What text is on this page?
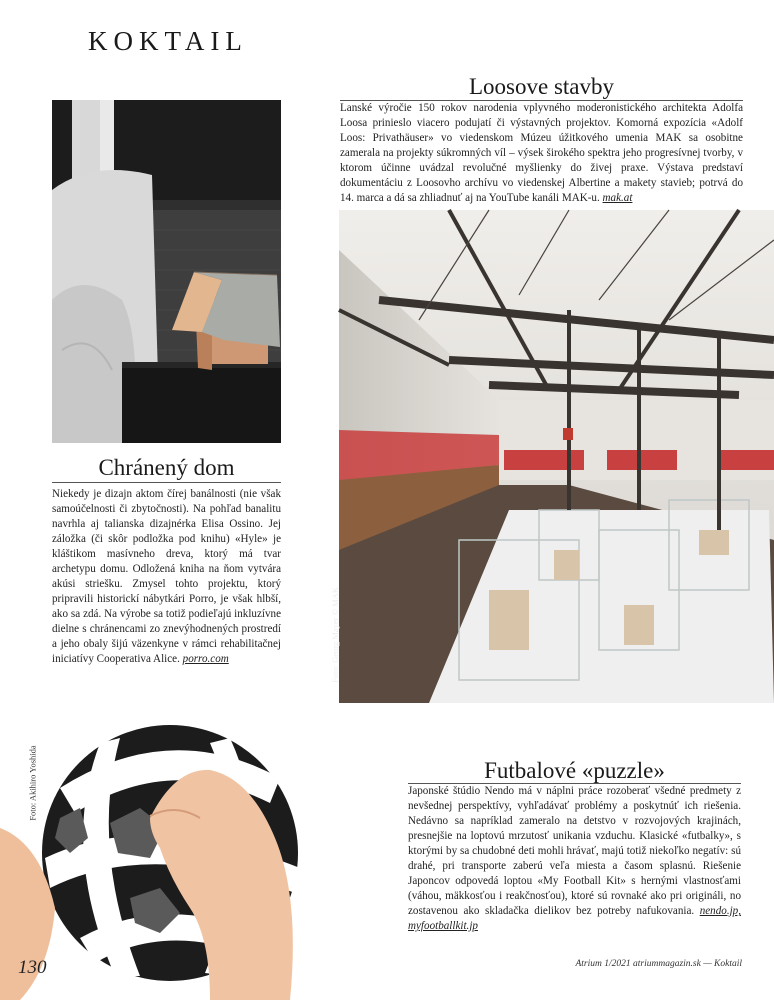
KOKTAIL
Chránený dom

Niekedy je dizajn aktom čírej banálnosti (nie však samoúčelnosti či zbytočnosti). Na pohľad banalitu navrhla aj talianska dizajnérka Elisa Ossino. Jej záložka (či skôr podložka pod knihu) «Hyle» je kláštikom masívneho dreva, ktorý má tvar archetypu domu. Odložená kniha na ňom vytvára akúsi striešku. Zmysel tohto projektu, ktorý pripravili historickí nábytkári Porro, je však hlbší, ako sa zdá. Na výrobe sa totiž podieľajú inkluzívne dielne s chránencami zo znevýhodnených prostredí a jeho obaly šijú väzenkyne v rámci rehabilitačnej iniciatívy Cooperativa Alice. porro.com

Loosove stavby

Lanské výročie 150 rokov narodenia vplyvného moderonistického architekta Adolfa Loosa prinieslo viacero podujatí či výstavných projektov. Komorná expozícia «Adolf Loos: Privathäuser» vo viedenskom Múzeu úžitkového umenia MAK sa osobitne zamerala na projekty súkromných víl – výsek širokého spektra jeho progresívnej tvorby, v ktorom účinne uvádzal revolučné myšlienky do živej praxe. Výstava predstaví dokumentáciu z Loosovho archívu vo viedenskej Albertine a makety stavieb; potrvá do 14. marca a dá sa zhliadnuť aj na YouTube kanáli MAK-u. mak.at

Foto: Georg Mayer © MAK
Foto: Akihiro Yoshida	Futbalové «puzzle»

Japonské štúdio Nendo má v náplni práce rozoberať všedné predmety z nevšednej perspektívy, vyhľadávať problémy a poskytnúť ich riešenia. Nedávno sa napríklad zameralo na detstvo v rozvojových krajinách, presnejšie na loptovú mrzutosť unikania vzduchu. Klasické «futbalky», s ktorými by sa chudobné deti mohli hrávať, majú totiž niekoľko negatív: sú drahé, pri transporte zaberú veľa miesta a časom splasnú. Riešenie Japoncov odpovedá loptou «My Football Kit» s hernými vlastnosťami (váhou, mäkkosťou i reakčnosťou), ktoré sú rovnaké ako pri origináli, no zostavenou ako skladačka dielikov bez potreby nafukovania. nendo.jp, myfootballkit.jp

130	Atrium 1/2021 atriummagazin.sk — Koktail
